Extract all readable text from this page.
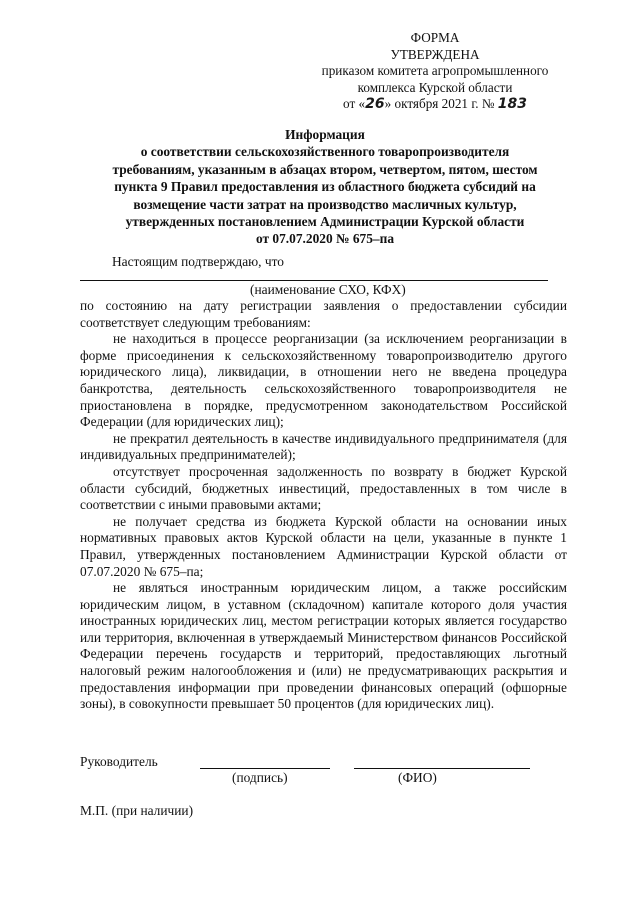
ФОРМА
УТВЕРЖДЕНА
приказом комитета агропромышленного
комплекса Курской области
от «26» октября 2021 г. № 183
Информация
о соответствии сельскохозяйственного товаропроизводителя
требованиям, указанным в абзацах втором, четвертом, пятом, шестом
пункта 9 Правил предоставления из областного бюджета субсидий на
возмещение части затрат на производство масличных культур,
утвержденных постановлением Администрации Курской области
от 07.07.2020 № 675–па
Настоящим подтверждаю, что
(наименование СХО, КФХ)

по состоянию на дату регистрации заявления о предоставлении субсидии соответствует следующим требованиям:

не находиться в процессе реорганизации (за исключением реорганизации в форме присоединения к сельскохозяйственному товаропроизводителю другого юридического лица), ликвидации, в отношении него не введена процедура банкротства, деятельность сельскохозяйственного товаропроизводителя не приостановлена в порядке, предусмотренном законодательством Российской Федерации (для юридических лиц);

не прекратил деятельность в качестве индивидуального предпринимателя (для индивидуальных предпринимателей);

отсутствует просроченная задолженность по возврату в бюджет Курской области субсидий, бюджетных инвестиций, предоставленных в том числе в соответствии с иными правовыми актами;

не получает средства из бюджета Курской области на основании иных нормативных правовых актов Курской области на цели, указанные в пункте 1 Правил, утвержденных постановлением Администрации Курской области от 07.07.2020 № 675–па;

не являться иностранным юридическим лицом, а также российским юридическим лицом, в уставном (складочном) капитале которого доля участия иностранных юридических лиц, местом регистрации которых является государство или территория, включенная в утверждаемый Министерством финансов Российской Федерации перечень государств и территорий, предоставляющих льготный налоговый режим налогообложения и (или) не предусматривающих раскрытия и предоставления информации при проведении финансовых операций (офшорные зоны), в совокупности превышает 50 процентов (для юридических лиц).

Руководитель
(подпись)	(ФИО)
М.П. (при наличии)
